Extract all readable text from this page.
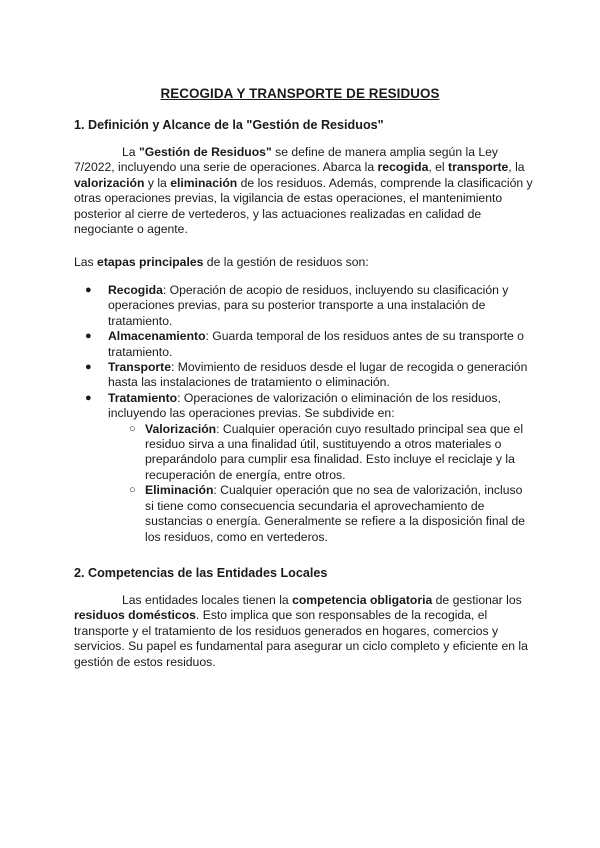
RECOGIDA Y TRANSPORTE DE RESIDUOS
1. Definición y Alcance de la "Gestión de Residuos"

La "Gestión de Residuos" se define de manera amplia según la Ley 7/2022, incluyendo una serie de operaciones. Abarca la recogida, el transporte, la valorización y la eliminación de los residuos. Además, comprende la clasificación y otras operaciones previas, la vigilancia de estas operaciones, el mantenimiento posterior al cierre de vertederos, y las actuaciones realizadas en calidad de negociante o agente.

Las etapas principales de la gestión de residuos son:

● Recogida: Operación de acopio de residuos, incluyendo su clasificación y operaciones previas, para su posterior transporte a una instalación de tratamiento.
● Almacenamiento: Guarda temporal de los residuos antes de su transporte o tratamiento.
● Transporte: Movimiento de residuos desde el lugar de recogida o generación hasta las instalaciones de tratamiento o eliminación.
● Tratamiento: Operaciones de valorización o eliminación de los residuos, incluyendo las operaciones previas. Se subdivide en:
○ Valorización: Cualquier operación cuyo resultado principal sea que el residuo sirva a una finalidad útil, sustituyendo a otros materiales o preparándolo para cumplir esa finalidad. Esto incluye el reciclaje y la recuperación de energía, entre otros.
○ Eliminación: Cualquier operación que no sea de valorización, incluso si tiene como consecuencia secundaria el aprovechamiento de sustancias o energía. Generalmente se refiere a la disposición final de los residuos, como en vertederos.
2. Competencias de las Entidades Locales

Las entidades locales tienen la competencia obligatoria de gestionar los residuos domésticos. Esto implica que son responsables de la recogida, el transporte y el tratamiento de los residuos generados en hogares, comercios y servicios. Su papel es fundamental para asegurar un ciclo completo y eficiente en la gestión de estos residuos.
